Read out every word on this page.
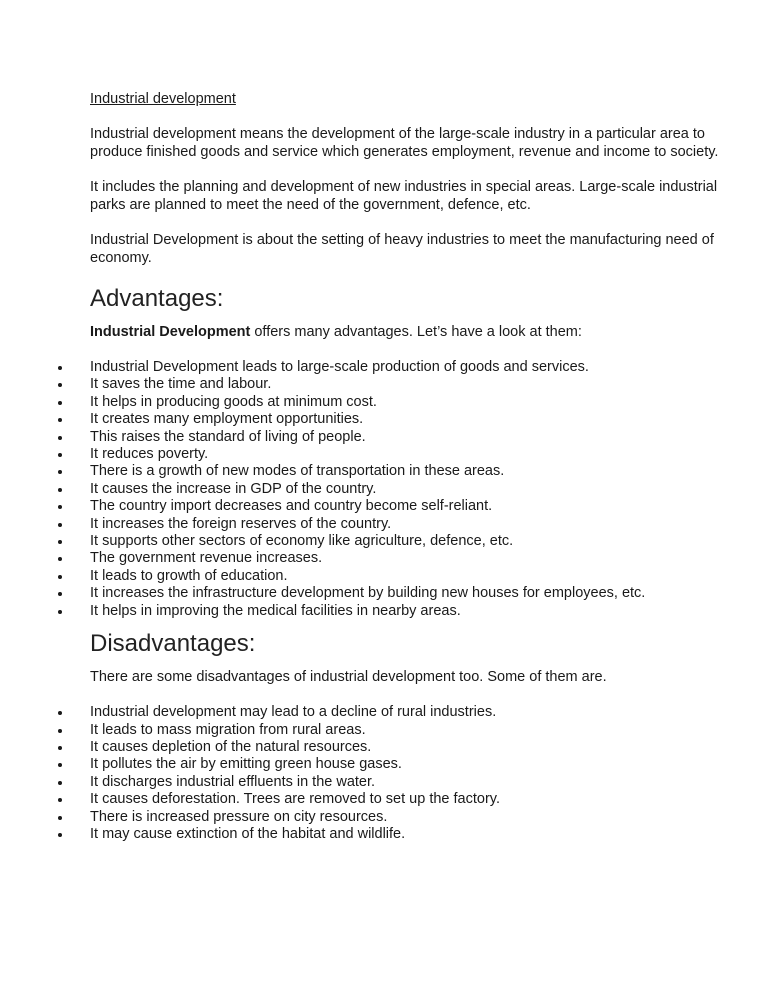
Industrial development

Industrial development means the development of the large-scale industry in a particular area to produce finished goods and service which generates employment, revenue and income to society.

It includes the planning and development of new industries in special areas. Large-scale industrial parks are planned to meet the need of the government, defence, etc.

Industrial Development is about the setting of heavy industries to meet the manufacturing need of economy.

Advantages:

Industrial Development offers many advantages. Let’s have a look at them:

Industrial Development leads to large-scale production of goods and services.
It saves the time and labour.
It helps in producing goods at minimum cost.
It creates many employment opportunities.
This raises the standard of living of people.
It reduces poverty.
There is a growth of new modes of transportation in these areas.
It causes the increase in GDP of the country.
The country import decreases and country become self-reliant.
It increases the foreign reserves of the country.
It supports other sectors of economy like agriculture, defence, etc.
The government revenue increases.
It leads to growth of education.
It increases the infrastructure development by building new houses for employees, etc.
It helps in improving the medical facilities in nearby areas.
Disadvantages:

There are some disadvantages of industrial development too. Some of them are.

Industrial development may lead to a decline of rural industries.
It leads to mass migration from rural areas.
It causes depletion of the natural resources.
It pollutes the air by emitting green house gases.
It discharges industrial effluents in the water.
It causes deforestation. Trees are removed to set up the factory.
There is increased pressure on city resources.
It may cause extinction of the habitat and wildlife.
